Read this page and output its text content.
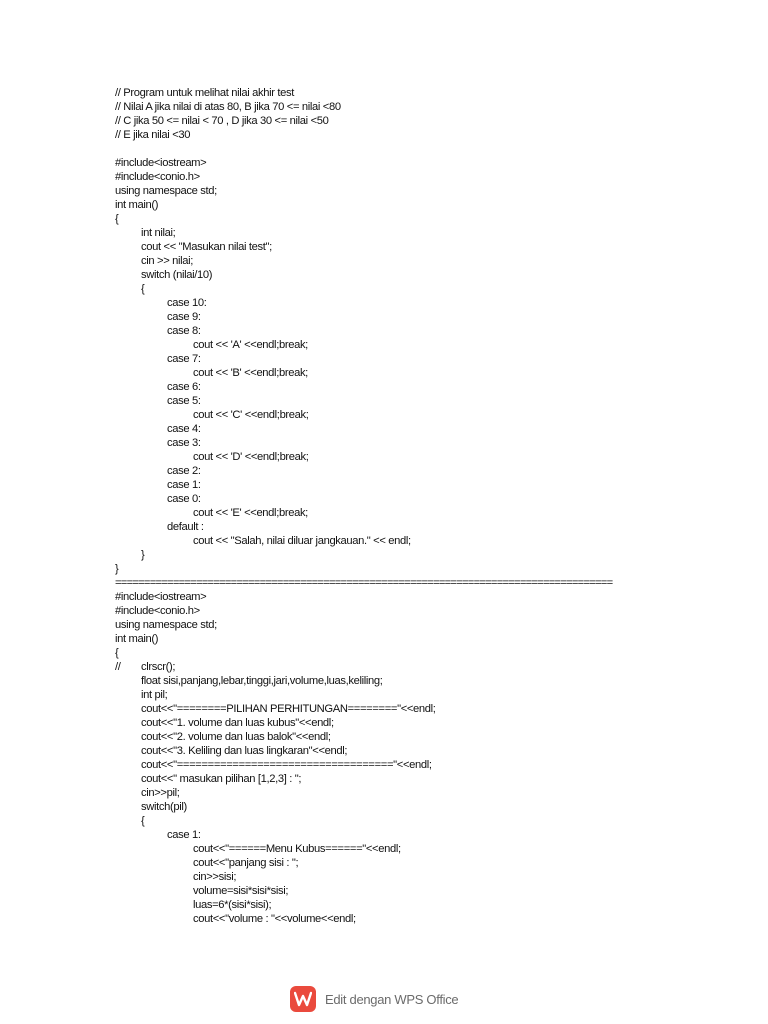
// Program untuk melihat nilai akhir test
// Nilai A jika nilai di atas 80, B jika 70 <= nilai <80
// C jika 50 <= nilai < 70 , D jika 30 <= nilai <50
// E jika nilai <30
#include<iostream>
#include<conio.h>
using namespace std;
int main()
{
int nilai;
cout << "Masukan nilai test";
cin >> nilai;
switch (nilai/10)
{
case 10:
case 9:
case 8:
cout << 'A' <<endl;break;
case 7:
cout << 'B' <<endl;break;
case 6:
case 5:
cout << 'C' <<endl;break;
case 4:
case 3:
cout << 'D' <<endl;break;
case 2:
case 1:
case 0:
cout << 'E' <<endl;break;
default :
cout << "Salah, nilai diluar jangkauan." << endl;
}
}
======================================================================================
#include<iostream>
#include<conio.h>
using namespace std;
int main()
{
// clrscr();
float sisi,panjang,lebar,tinggi,jari,volume,luas,keliling;
int pil;
cout<<"========PILIHAN PERHITUNGAN========"<<endl;
cout<<"1. volume dan luas kubus"<<endl;
cout<<"2. volume dan luas balok"<<endl;
cout<<"3. Keliling dan luas lingkaran"<<endl;
cout<<"==================================="<<endl;
cout<<" masukan pilihan [1,2,3] : ";
cin>>pil;
switch(pil)
{
case 1:
cout<<"======Menu Kubus======"<<endl;
cout<<"panjang sisi : ";
cin>>sisi;
volume=sisi*sisi*sisi;
luas=6*(sisi*sisi);
cout<<"volume : "<<volume<<endl;
Edit dengan WPS Office
